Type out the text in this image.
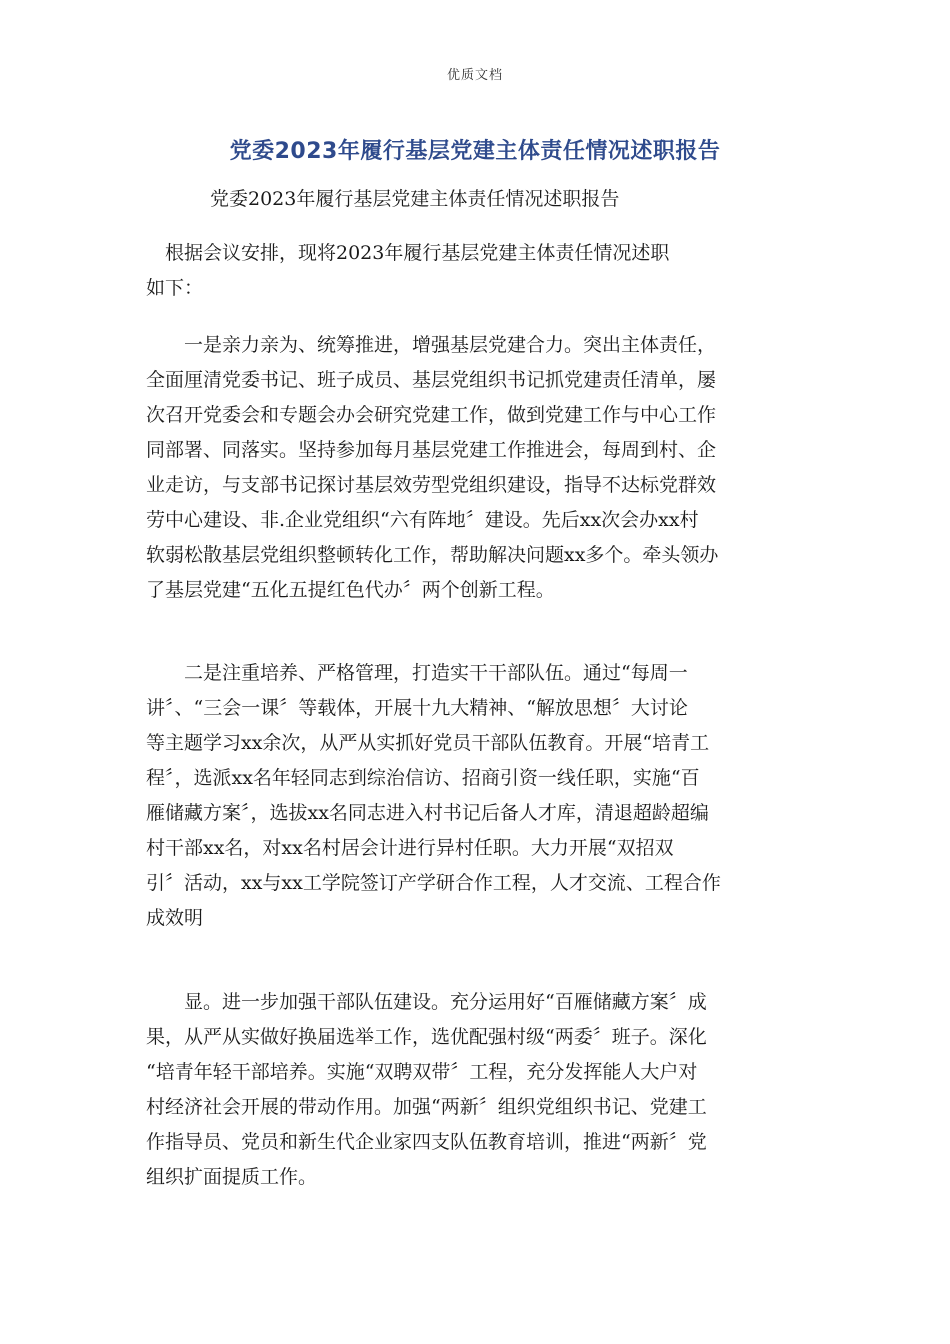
优质文档
党委2023年履行基层党建主体责任情况述职报告
党委2023年履行基层党建主体责任情况述职报告
　根据会议安排，现将2023年履行基层党建主体责任情况述职
如下：
　　一是亲力亲为、统筹推进，增强基层党建合力。突出主体责任，
全面厘清党委书记、班子成员、基层党组织书记抓党建责任清单，屡
次召开党委会和专题会办会研究党建工作，做到党建工作与中心工作
同部署、同落实。坚持参加每月基层党建工作推进会，每周到村、企
业走访，与支部书记探讨基层效劳型党组织建设，指导不达标党群效
劳中心建设、非.企业党组织“六有阵地〞建设。先后xx次会办xx村
软弱松散基层党组织整顿转化工作，帮助解决问题xx多个。牵头领办
了基层党建“五化五提红色代办〞两个创新工程。
　　二是注重培养、严格管理，打造实干干部队伍。通过“每周一
讲〞、“三会一课〞等载体，开展十九大精神、“解放思想〞大讨论
等主题学习xx余次，从严从实抓好党员干部队伍教育。开展“培青工
程〞，选派xx名年轻同志到综治信访、招商引资一线任职，实施“百
雁储藏方案〞，选拔xx名同志进入村书记后备人才库，清退超龄超编
村干部xx名，对xx名村居会计进行异村任职。大力开展“双招双
引〞活动，xx与xx工学院签订产学研合作工程，人才交流、工程合作
成效明
　　显。进一步加强干部队伍建设。充分运用好“百雁储藏方案〞成
果，从严从实做好换届选举工作，选优配强村级“两委〞班子。深化
“培青年轻干部培养。实施“双聘双带〞工程，充分发挥能人大户对
村经济社会开展的带动作用。加强“两新〞组织党组织书记、党建工
作指导员、党员和新生代企业家四支队伍教育培训，推进“两新〞党
组织扩面提质工作。
